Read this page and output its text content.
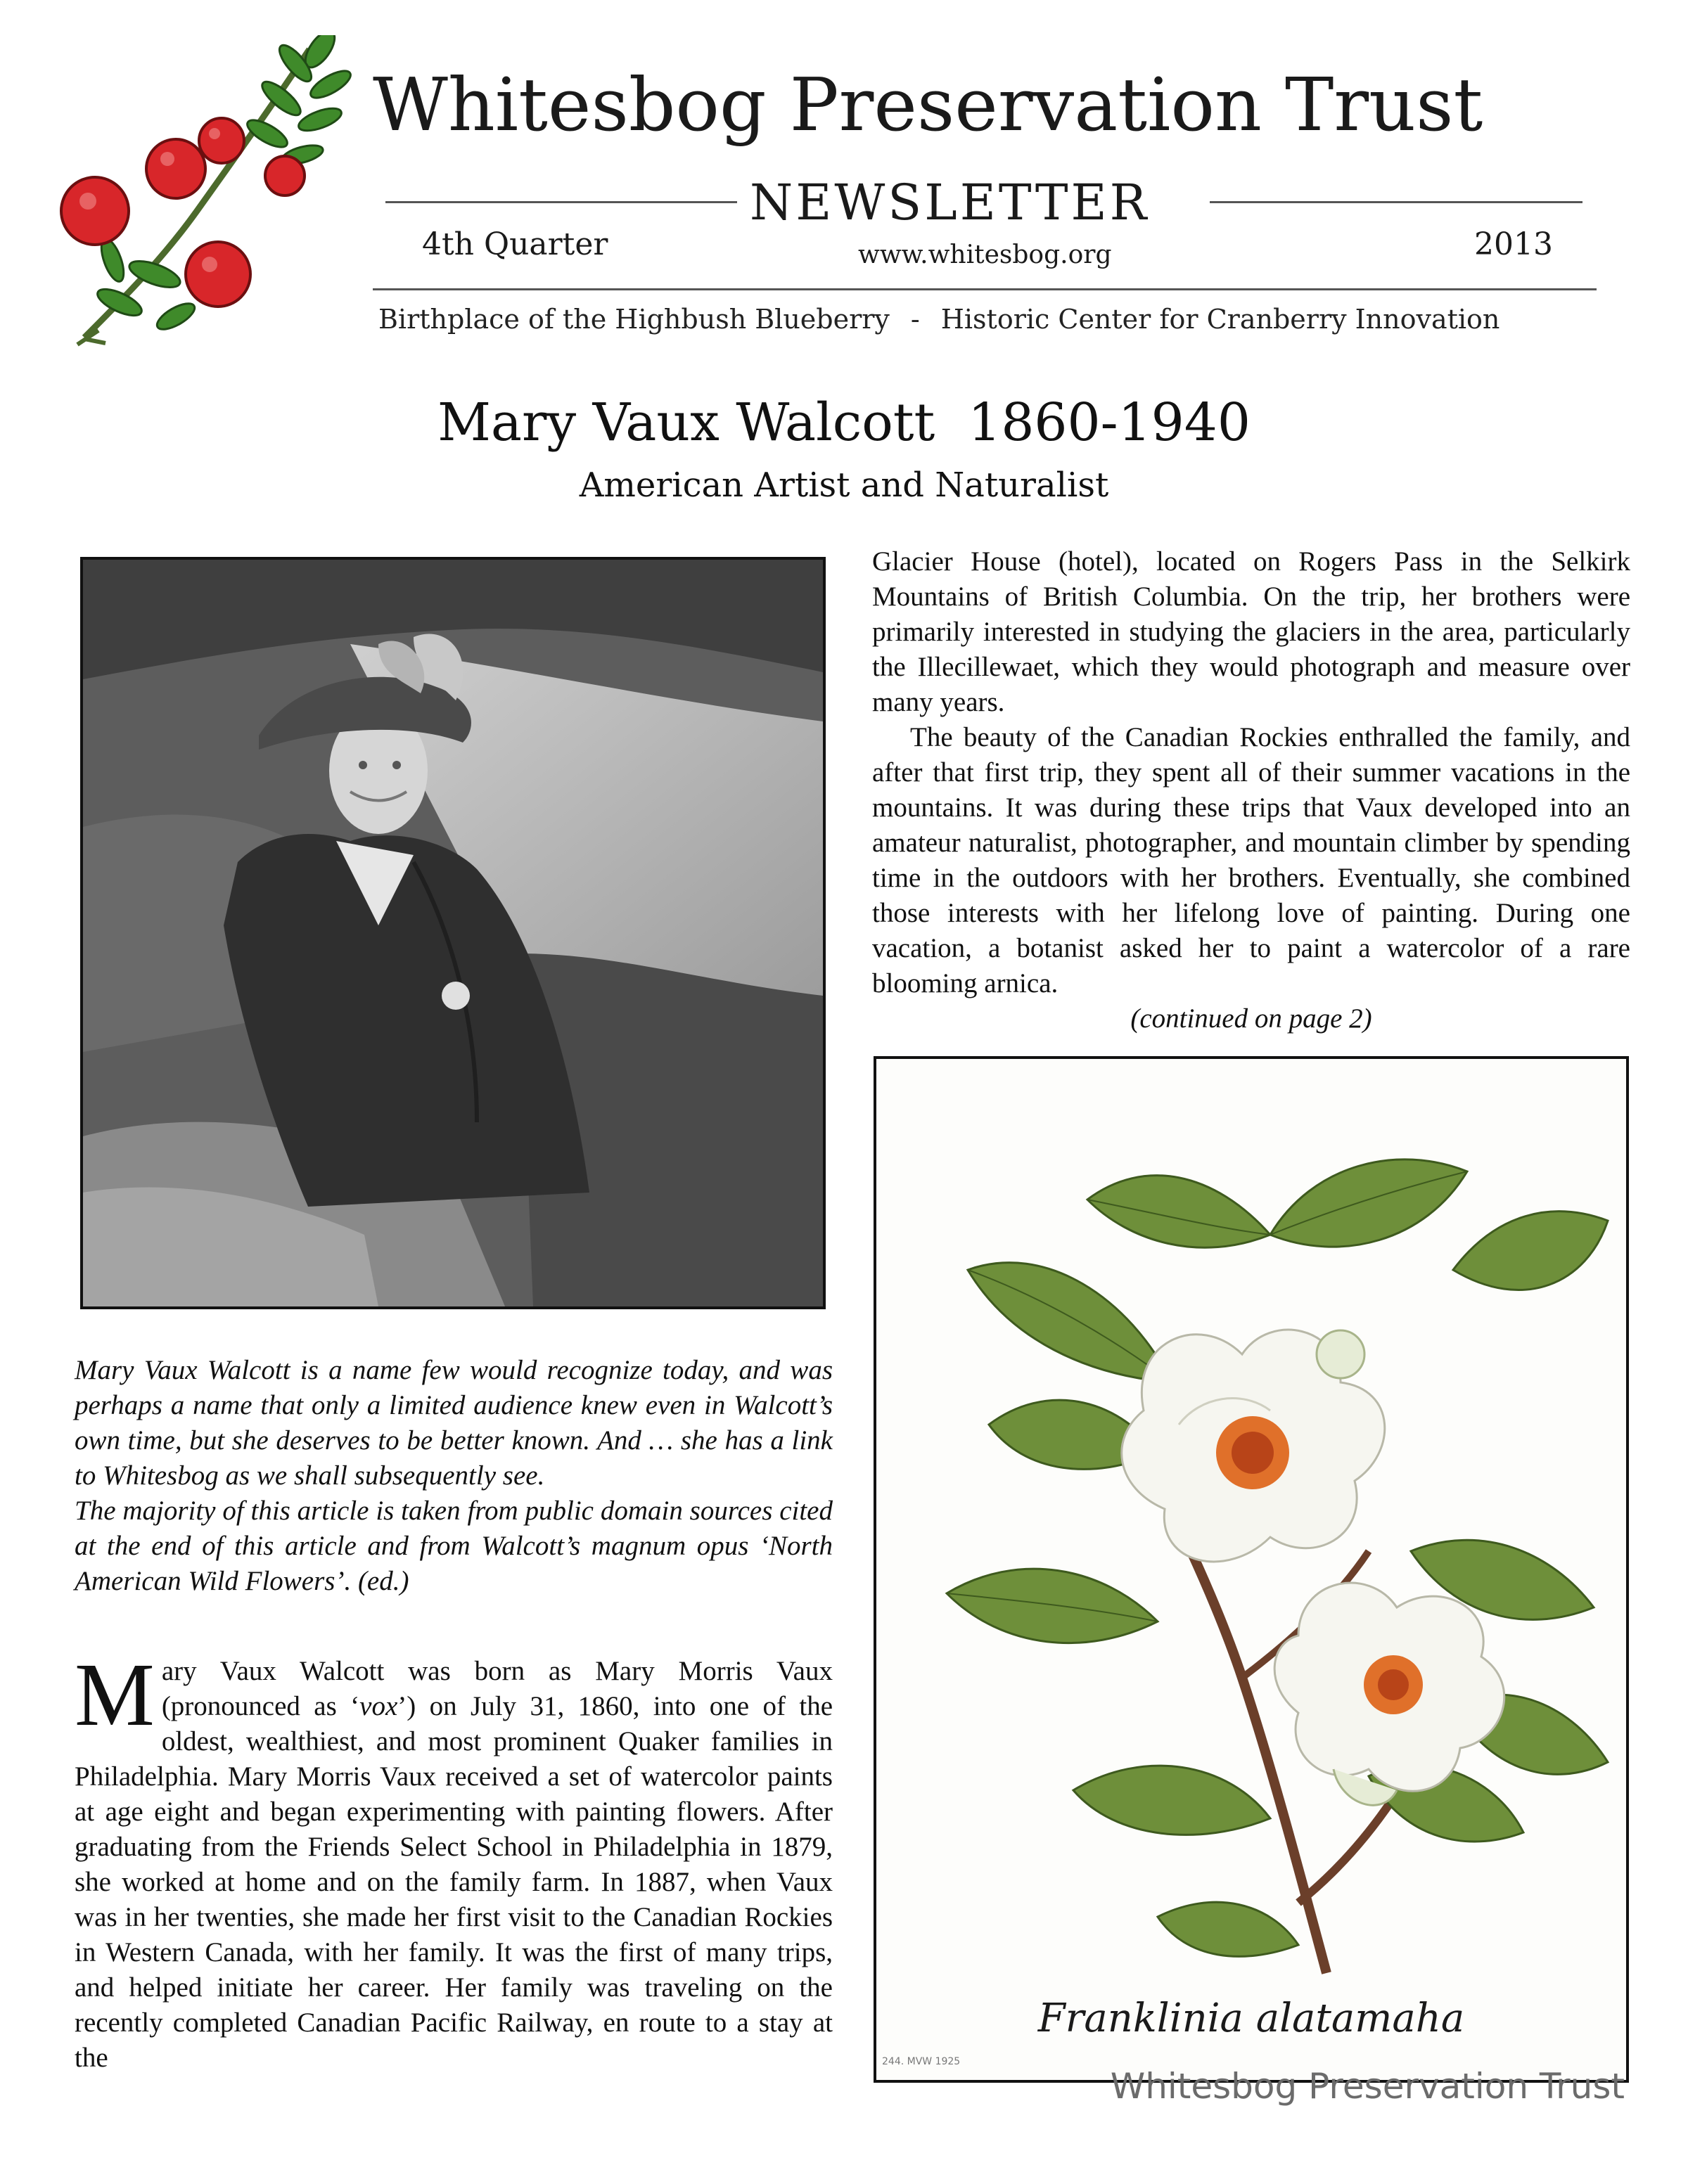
Whitesbog Preservation Trust
NEWSLETTER
4th Quarter	www.whitesbog.org	2013
Birthplace of the Highbush Blueberry - Historic Center for Cranberry Innovation
Mary Vaux Walcott  1860-1940
American Artist and Naturalist

Mary Vaux Walcott is a name few would recognize today, and was perhaps a name that only a limited audience knew even in Walcott’s own time, but she deserves to be better known. And … she has a link to Whitesbog as we shall subsequently see.

The majority of this article is taken from public domain sources cited at the end of this article and from Walcott’s magnum opus ‘North American Wild Flowers’. (ed.)

Mary Vaux Walcott was born as Mary Morris Vaux (pronounced as ‘vox’) on July 31, 1860, into one of the oldest, wealthiest, and most prominent Quaker families in Philadelphia. Mary Morris Vaux received a set of watercolor paints at age eight and began experimenting with painting flowers. After graduating from the Friends Select School in Philadelphia in 1879, she worked at home and on the family farm. In 1887, when Vaux was in her twenties, she made her first visit to the Canadian Rockies in Western Canada, with her family. It was the first of many trips, and helped initiate her career. Her family was traveling on the recently completed Canadian Pacific Railway, en route to a stay at the

Glacier House (hotel), located on Rogers Pass in the Selkirk Mountains of British Columbia. On the trip, her brothers were primarily interested in studying the glaciers in the area, particularly the Illecillewaet, which they would photograph and measure over many years.

The beauty of the Canadian Rockies enthralled the family, and after that first trip, they spent all of their summer vacations in the mountains. It was during these trips that Vaux developed into an amateur naturalist, photographer, and mountain climber by spending time in the outdoors with her brothers. Eventually, she combined those interests with her lifelong love of painting. During one vacation, a botanist asked her to paint a watercolor of a rare blooming arnica.

(continued on page 2)
Franklinia alatamaha
244. MVW 1925
Whitesbog Preservation Trust
